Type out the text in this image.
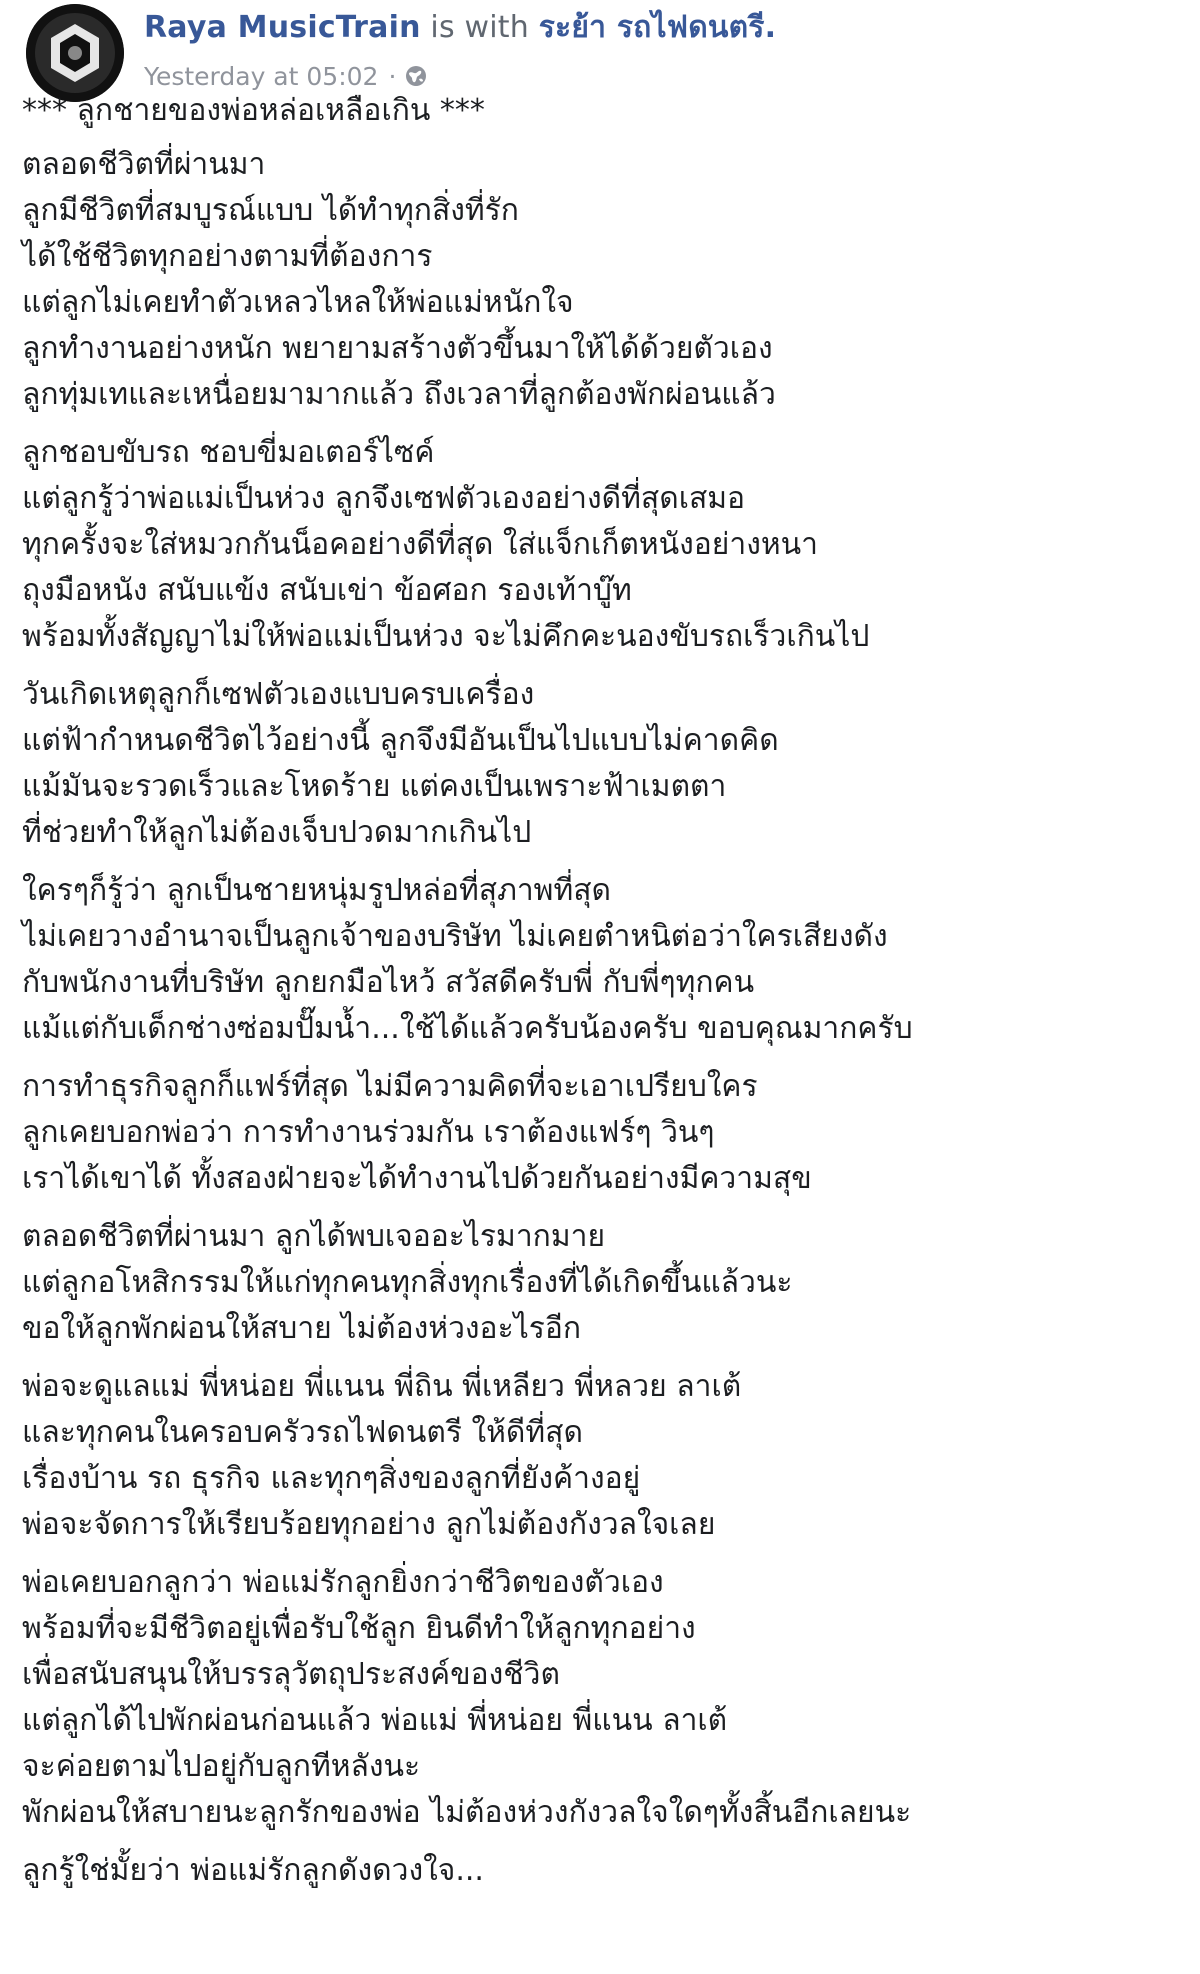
Raya MusicTrain is with ระย้า รถไฟดนตรี.
Yesterday at 05:02 ·
*** ลูกชายของพ่อหล่อเหลือเกิน ***
ตลอดชีวิตที่ผ่านมา
ลูกมีชีวิตที่สมบูรณ์แบบ ได้ทำทุกสิ่งที่รัก
ได้ใช้ชีวิตทุกอย่างตามที่ต้องการ
แต่ลูกไม่เคยทำตัวเหลวไหลให้พ่อแม่หนักใจ
ลูกทำงานอย่างหนัก พยายามสร้างตัวขึ้นมาให้ได้ด้วยตัวเอง
ลูกทุ่มเทและเหนื่อยมามากแล้ว ถึงเวลาที่ลูกต้องพักผ่อนแล้ว
ลูกชอบขับรถ ชอบขี่มอเตอร์ไซค์
แต่ลูกรู้ว่าพ่อแม่เป็นห่วง ลูกจึงเซฟตัวเองอย่างดีที่สุดเสมอ
ทุกครั้งจะใส่หมวกกันน็อคอย่างดีที่สุด ใส่แจ็กเก็ตหนังอย่างหนา
ถุงมือหนัง สนับแข้ง สนับเข่า ข้อศอก รองเท้าบู๊ท
พร้อมทั้งสัญญาไม่ให้พ่อแม่เป็นห่วง จะไม่คึกคะนองขับรถเร็วเกินไป
วันเกิดเหตุลูกก็เซฟตัวเองแบบครบเครื่อง
แต่ฟ้ากำหนดชีวิตไว้อย่างนี้ ลูกจึงมีอันเป็นไปแบบไม่คาดคิด
แม้มันจะรวดเร็วและโหดร้าย แต่คงเป็นเพราะฟ้าเมตตา
ที่ช่วยทำให้ลูกไม่ต้องเจ็บปวดมากเกินไป
ใครๆก็รู้ว่า ลูกเป็นชายหนุ่มรูปหล่อที่สุภาพที่สุด
ไม่เคยวางอำนาจเป็นลูกเจ้าของบริษัท ไม่เคยตำหนิต่อว่าใครเสียงดัง
กับพนักงานที่บริษัท ลูกยกมือไหว้ สวัสดีครับพี่ กับพี่ๆทุกคน
แม้แต่กับเด็กช่างซ่อมปั๊มน้ำ...ใช้ได้แล้วครับน้องครับ ขอบคุณมากครับ
การทำธุรกิจลูกก็แฟร์ที่สุด ไม่มีความคิดที่จะเอาเปรียบใคร
ลูกเคยบอกพ่อว่า การทำงานร่วมกัน เราต้องแฟร์ๆ วินๆ
เราได้เขาได้ ทั้งสองฝ่ายจะได้ทำงานไปด้วยกันอย่างมีความสุข
ตลอดชีวิตที่ผ่านมา ลูกได้พบเจออะไรมากมาย
แต่ลูกอโหสิกรรมให้แก่ทุกคนทุกสิ่งทุกเรื่องที่ได้เกิดขึ้นแล้วนะ
ขอให้ลูกพักผ่อนให้สบาย ไม่ต้องห่วงอะไรอีก
พ่อจะดูแลแม่ พี่หน่อย พี่แนน พี่ถิน พี่เหลียว พี่หลวย ลาเต้
และทุกคนในครอบครัวรถไฟดนตรี ให้ดีที่สุด
เรื่องบ้าน รถ ธุรกิจ และทุกๆสิ่งของลูกที่ยังค้างอยู่
พ่อจะจัดการให้เรียบร้อยทุกอย่าง ลูกไม่ต้องกังวลใจเลย
พ่อเคยบอกลูกว่า พ่อแม่รักลูกยิ่งกว่าชีวิตของตัวเอง
พร้อมที่จะมีชีวิตอยู่เพื่อรับใช้ลูก ยินดีทำให้ลูกทุกอย่าง
เพื่อสนับสนุนให้บรรลุวัตถุประสงค์ของชีวิต
แต่ลูกได้ไปพักผ่อนก่อนแล้ว พ่อแม่ พี่หน่อย พี่แนน ลาเต้
จะค่อยตามไปอยู่กับลูกทีหลังนะ
พักผ่อนให้สบายนะลูกรักของพ่อ ไม่ต้องห่วงกังวลใจใดๆทั้งสิ้นอีกเลยนะ
ลูกรู้ใช่มั้ยว่า พ่อแม่รักลูกดังดวงใจ...
